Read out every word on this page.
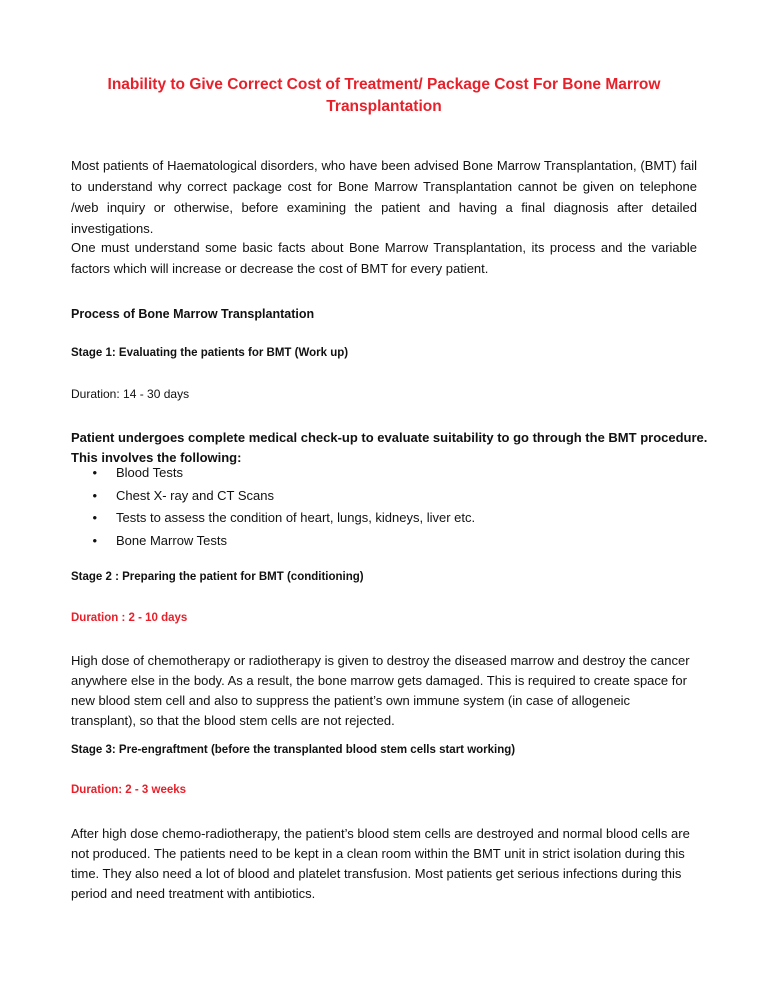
Inability to Give Correct Cost of Treatment/ Package Cost For Bone Marrow Transplantation
Most patients of Haematological disorders, who have been advised Bone Marrow Transplantation, (BMT) fail to understand why correct package cost for Bone Marrow Transplantation cannot be given on telephone /web inquiry or otherwise, before examining the patient and having a final diagnosis after detailed investigations.
One must understand some basic facts about Bone Marrow Transplantation, its process and the variable factors which will increase or decrease the cost of BMT for every patient.
Process of Bone Marrow Transplantation
Stage 1: Evaluating the patients for BMT (Work up)
Duration: 14 - 30 days
Patient undergoes complete medical check-up to evaluate suitability to go through the BMT procedure. This involves the following:
• Blood Tests
• Chest X- ray and CT Scans
• Tests to assess the condition of heart, lungs, kidneys, liver etc.
• Bone Marrow Tests
Stage 2 : Preparing the patient for BMT (conditioning)
Duration : 2 - 10 days
High dose of chemotherapy or radiotherapy is given to destroy the diseased marrow and destroy the cancer anywhere else in the body. As a result, the bone marrow gets damaged. This is required to create space for new blood stem cell and also to suppress the patient’s own immune system (in case of allogeneic transplant), so that the blood stem cells are not rejected.
Stage 3: Pre-engraftment (before the transplanted blood stem cells start working)
Duration: 2 - 3 weeks
After high dose chemo-radiotherapy, the patient’s blood stem cells are destroyed and normal blood cells are not produced. The patients need to be kept in a clean room within the BMT unit in strict isolation during this time. They also need a lot of blood and platelet transfusion. Most patients get serious infections during this period and need treatment with antibiotics.
